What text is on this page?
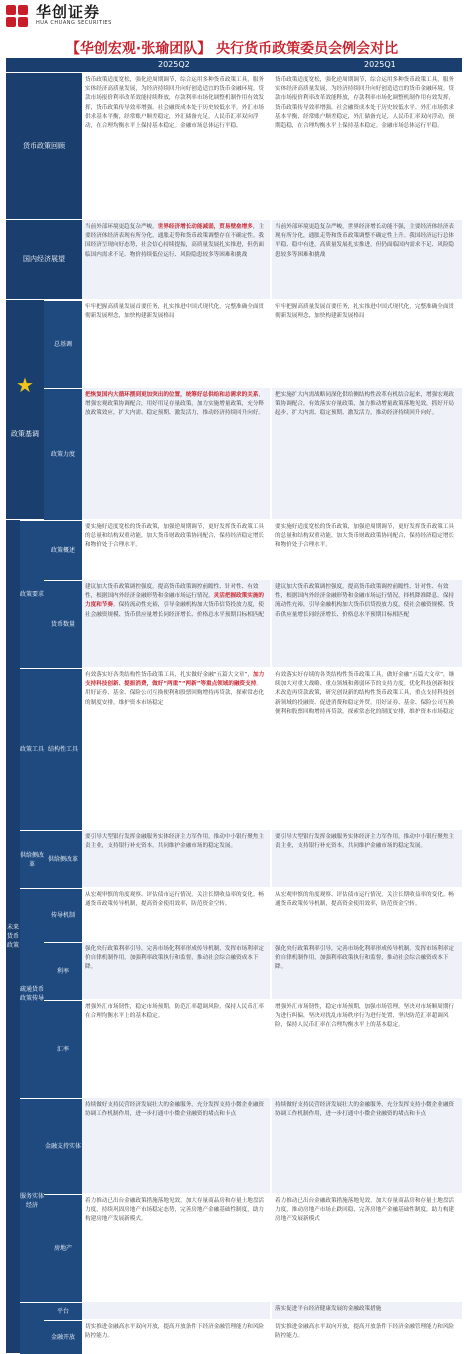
华创证券
HUA CHUANG SECURITIES
【华创宏观·张瑜团队】 央行货币政策委员会例会对比
2025Q2	2025Q1
货币政策回顾
国内经济展望
★
政策基调
未来货币政策
政策要求
政策工具
供给侧改革
疏通货币政策传导
服务实体经济
总基调
政策力度
政策概述
货币数量
结构性工具
供给侧改革
传导机制
利率
汇率
金融支持实体
房地产
平台
金融开放
货币政策适度宽松，强化逆周期调节，综合运用多种货币政策工具，服务实体经济高质量发展，为经济持续回升向好创造适宜的货币金融环境。贷款市场报价利率改革效能持续释放，存款利率市场化调整机制作用有效发挥，货币政策传导效率增强，社会融资成本处于历史较低水平。外汇市场供求基本平衡，经常账户顺差稳定，外汇储备充足，人民币汇率双向浮动，在合理均衡水平上保持基本稳定。金融市场总体运行平稳。
货币政策适度宽松，强化逆周期调节，综合运用多种货币政策工具，服务实体经济高质量发展，为经济持续回升向好创造适宜的货币金融环境。贷款市场报价利率改革效能释放，存款利率市场化调整机制作用有效发挥，货币政策传导效率增强，社会融资成本处于历史较低水平。外汇市场供求基本平衡，经常账户顺差稳定，外汇储备充足，人民币汇率双向浮动，预期趋稳，在合理均衡水平上保持基本稳定。金融市场总体运行平稳。
当前外部环境更趋复杂严峻，世界经济增长动能减弱，贸易壁垒增多，主要经济体经济表现有所分化，通胀走势和货币政策调整存在不确定性。我国经济呈现向好态势，社会信心持续提振，高质量发展扎实推进，但仍面临国内需求不足、物价持续低位运行、风险隐患较多等困难和挑战
当前外部环境更趋复杂严峻，世界经济增长动能不强，主要经济体经济表现有所分化，通胀走势和货币政策调整不确定性上升。我国经济运行总体平稳、稳中有进，高质量发展扎实推进，但仍面临国内需求不足、风险隐患较多等困难和挑战
牢牢把握高质量发展首要任务，扎实推进中国式现代化，完整准确全面贯彻新发展理念，加快构建新发展格局
牢牢把握高质量发展首要任务，扎实推进中国式现代化，完整准确全面贯彻新发展理念，加快构建新发展格局
把恢复国内大循环摆到更加突出的位置，统筹好总供给和总需求的关系，增强宏观政策协调配合，用好用足存量政策，加力实施增量政策，充分释放政策效应，扩大内需、稳定预期、激发活力，推动经济持续回升向好。
把实施扩大内需战略同深化供给侧结构性改革有机结合起来，增强宏观政策协调配合，有效落实存量政策，加力推动增量政策落地见效，抓好开局起步，扩大内需、稳定预期、激发活力，推动经济持续回升向好。
要实施好适度宽松的货币政策，加强逆周期调节，更好发挥货币政策工具的总量和结构双重功能，加大货币财政政策协同配合，保持经济稳定增长和物价处于合理水平。
要实施好适度宽松的货币政策，加强逆周期调节，更好发挥货币政策工具的总量和结构双重功能，加大货币财政政策协同配合，保持经济稳定增长和物价处于合理水平。
建议加大货币政策调控强度，提高货币政策调控前瞻性、针对性、有效性，根据国内外经济金融形势和金融市场运行情况，灵活把握政策实施的力度和节奏。保持流动性充裕，引导金融机构加大货币信贷投放力度，使社会融资规模、货币供应量增长同经济增长、价格总水平预期目标相匹配
建议加大货币政策调控强度，提高货币政策调控前瞻性、针对性、有效性，根据国内外经济金融形势和金融市场运行情况，择机降准降息。保持流动性充裕，引导金融机构加大货币信贷投放力度，使社会融资规模、货币供应量增长同经济增长、价格总水平预期目标相匹配
有效落实好各类结构性货币政策工具，扎实做好金融“五篇大文章”，加力支持科技创新、提振消费，做好“两重”“两新”等重点领域的融资支持。用好证券、基金、保险公司互换便利和股票回购增持再贷款，探索常态化的制度安排，维护资本市场稳定
有效落实好存续的各类结构性货币政策工具，做好金融“五篇大文章”，继续加大对重大战略、重点领域和薄弱环节的支持力度。优化科技创新和技术改造再贷款政策，研究创设新的结构性货币政策工具，重点支持科技创新领域的投融资、促进消费和稳定外贸。用好证券、基金、保险公司互换便利和股票回购增持再贷款，探索常态化的制度安排，维护资本市场稳定
要引导大型银行发挥金融服务实体经济主力军作用，推动中小银行聚焦主责主业，支持银行补充资本，共同维护金融市场的稳定发展。
要引导大型银行发挥金融服务实体经济主力军作用，推动中小银行聚焦主责主业，支持银行补充资本，共同维护金融市场的稳定发展。
从宏观审慎的角度观察、评估债市运行情况，关注长期收益率的变化。畅通货币政策传导机制，提高资金使用效率，防范资金空转。
从宏观审慎的角度观察、评估债市运行情况，关注长期收益率的变化。畅通货币政策传导机制，提高资金使用效率，防范资金空转。
强化央行政策利率引导，完善市场化利率形成传导机制，发挥市场利率定价自律机制作用，加强利率政策执行和监督，推动社会综合融资成本下降。
强化央行政策利率引导，完善市场化利率形成传导机制，发挥市场利率定价自律机制作用，加强利率政策执行和监督，推动社会综合融资成本下降。
增强外汇市场韧性，稳定市场预期，防范汇率超调风险，保持人民币汇率在合理均衡水平上的基本稳定。
增强外汇市场韧性，稳定市场预期，加强市场管理，坚决对市场顺周期行为进行纠偏，坚决对扰乱市场秩序行为进行处置，坚决防范汇率超调风险，保持人民币汇率在合理均衡水平上的基本稳定。
持续做好支持民营经济发展壮大的金融服务，充分发挥支持小微企业融资协调工作机制作用，进一步打通中小微企业融资的堵点和卡点
持续做好支持民营经济发展壮大的金融服务，充分发挥支持小微企业融资协调工作机制作用，进一步打通中小微企业融资的堵点和卡点
着力推动已出台金融政策措施落地见效，加大存量商品房和存量土地盘活力度，持续巩固房地产市场稳定态势，完善房地产金融基础性制度，助力构建房地产发展新模式。
着力推动已出台金融政策措施落地见效，加大存量商品房和存量土地盘活力度，推动房地产市场止跌回稳，完善房地产金融基础性制度，助力构建房地产发展新模式
落实促进平台经济健康发展的金融政策措施
切实推进金融高水平双向开放，提高开放条件下经济金融管理能力和风险防控能力。
切实推进金融高水平双向开放，提高开放条件下经济金融管理能力和风险防控能力。
